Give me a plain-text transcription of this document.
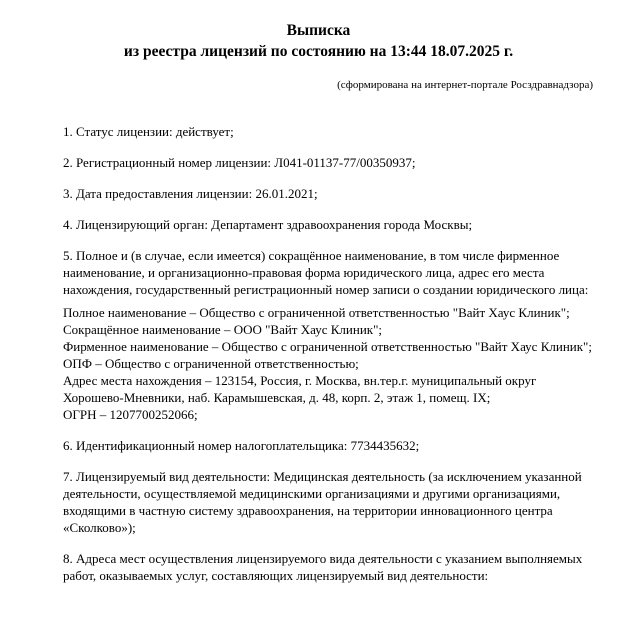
Выписка
из реестра лицензий по состоянию на 13:44 18.07.2025 г.
(сформирована на интернет-портале Росздравнадзора)

1. Статус лицензии: действует;

2. Регистрационный номер лицензии: Л041-01137-77/00350937;

3. Дата предоставления лицензии: 26.01.2021;

4. Лицензирующий орган: Департамент здравоохранения города Москвы;

5. Полное и (в случае, если имеется) сокращённое наименование, в том числе фирменное наименование, и организационно-правовая форма юридического лица, адрес его места нахождения, государственный регистрационный номер записи о создании юридического лица:

Полное наименование – Общество с ограниченной ответственностью "Вайт Хаус Клиник";
Сокращённое наименование – ООО "Вайт Хаус Клиник";
Фирменное наименование – Общество с ограниченной ответственностью "Вайт Хаус Клиник";
ОПФ – Общество с ограниченной ответственностью;
Адрес места нахождения – 123154, Россия, г. Москва, вн.тер.г. муниципальный округ Хорошево-Мневники, наб. Карамышевская, д. 48, корп. 2, этаж 1, помещ. IX;
ОГРН – 1207700252066;

6. Идентификационный номер налогоплательщика: 7734435632;

7. Лицензируемый вид деятельности: Медицинская деятельность (за исключением указанной деятельности, осуществляемой медицинскими организациями и другими организациями, входящими в частную систему здравоохранения, на территории инновационного центра «Сколково»);

8. Адреса мест осуществления лицензируемого вида деятельности с указанием выполняемых работ, оказываемых услуг, составляющих лицензируемый вид деятельности:
